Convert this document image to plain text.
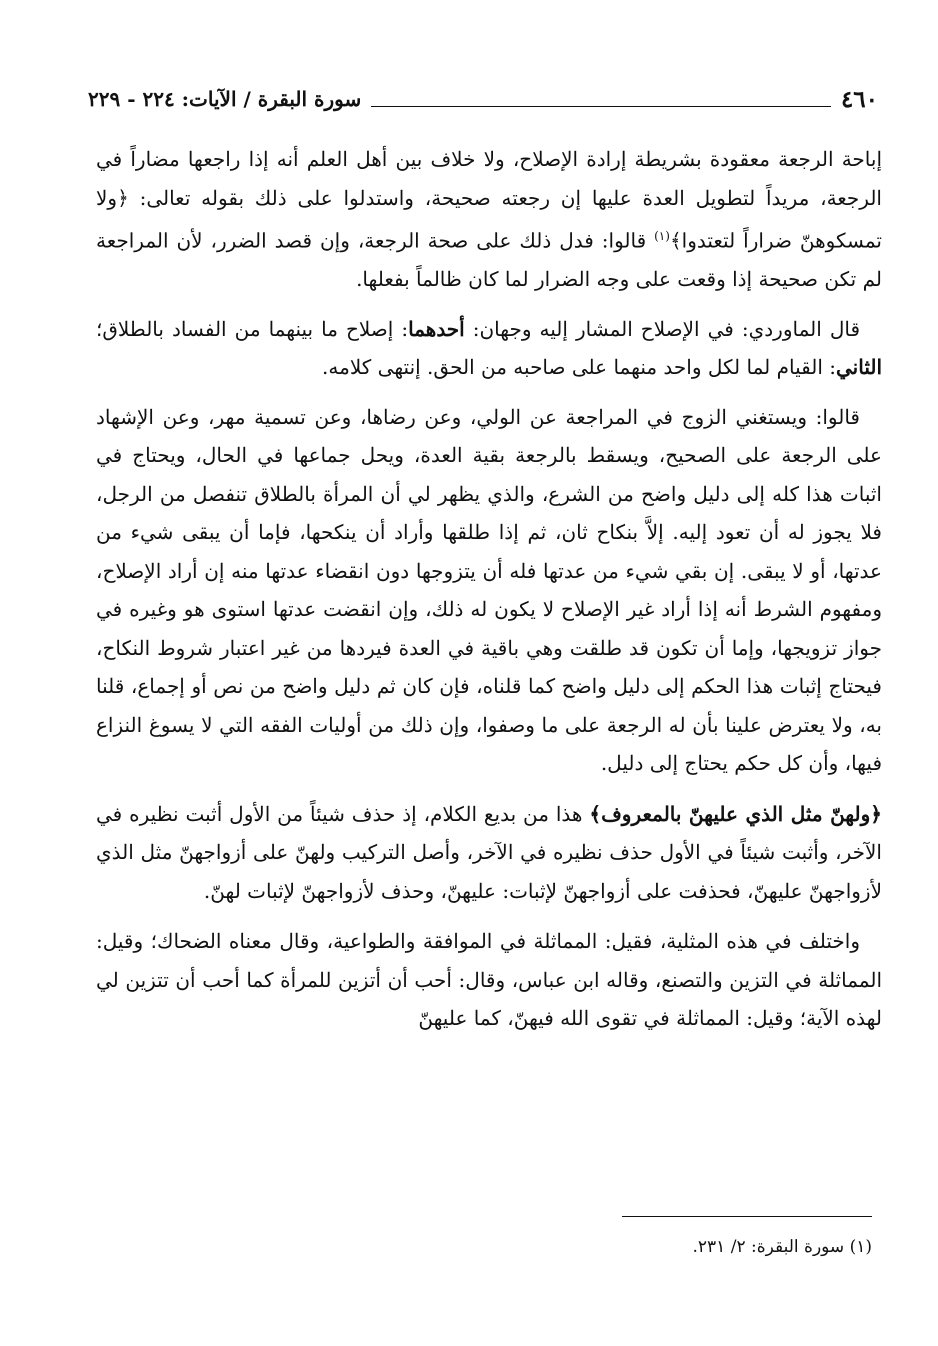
٤٦٠
سورة البقرة / الآيات: ٢٢٤ - ٢٢٩

إباحة الرجعة معقودة بشريطة إرادة الإصلاح، ولا خلاف بين أهل العلم أنه إذا راجعها مضاراً في الرجعة، مريداً لتطويل العدة عليها إن رجعته صحيحة، واستدلوا على ذلك بقوله تعالى: ﴿ولا تمسكوهنّ ضراراً لتعتدوا﴾$^{(١)}$ قالوا: فدل ذلك على صحة الرجعة، وإن قصد الضرر، لأن المراجعة لم تكن صحيحة إذا وقعت على وجه الضرار لما كان ظالماً بفعلها.

قال الماوردي: في الإصلاح المشار إليه وجهان: أحدهما: إصلاح ما بينهما من الفساد بالطلاق؛ الثاني: القيام لما لكل واحد منهما على صاحبه من الحق. إنتهى كلامه.

قالوا: ويستغني الزوج في المراجعة عن الولي، وعن رضاها، وعن تسمية مهر، وعن الإشهاد على الرجعة على الصحيح، ويسقط بالرجعة بقية العدة، ويحل جماعها في الحال، ويحتاج في اثبات هذا كله إلى دليل واضح من الشرع، والذي يظهر لي أن المرأة بالطلاق تنفصل من الرجل، فلا يجوز له أن تعود إليه. إلاَّ بنكاح ثان، ثم إذا طلقها وأراد أن ينكحها، فإما أن يبقى شيء من عدتها، أو لا يبقى. إن بقي شيء من عدتها فله أن يتزوجها دون انقضاء عدتها منه إن أراد الإصلاح، ومفهوم الشرط أنه إذا أراد غير الإصلاح لا يكون له ذلك، وإن انقضت عدتها استوى هو وغيره في جواز تزويجها، وإما أن تكون قد طلقت وهي باقية في العدة فيردها من غير اعتبار شروط النكاح، فيحتاج إثبات هذا الحكم إلى دليل واضح كما قلناه، فإن كان ثم دليل واضح من نص أو إجماع، قلنا به، ولا يعترض علينا بأن له الرجعة على ما وصفوا، وإن ذلك من أوليات الفقه التي لا يسوغ النزاع فيها، وأن كل حكم يحتاج إلى دليل.

﴿ولهنّ مثل الذي عليهنّ بالمعروف﴾ هذا من بديع الكلام، إذ حذف شيئاً من الأول أثبت نظيره في الآخر، وأثبت شيئاً في الأول حذف نظيره في الآخر، وأصل التركيب ولهنّ على أزواجهنّ مثل الذي لأزواجهنّ عليهنّ، فحذفت على أزواجهنّ لإثبات: عليهنّ، وحذف لأزواجهنّ لإثبات لهنّ.

واختلف في هذه المثلية، فقيل: المماثلة في الموافقة والطواعية، وقال معناه الضحاك؛ وقيل: المماثلة في التزين والتصنع، وقاله ابن عباس، وقال: أحب أن أتزين للمرأة كما أحب أن تتزين لي لهذه الآية؛ وقيل: المماثلة في تقوى الله فيهنّ، كما عليهنّ

(١) سورة البقرة: ٢/ ٢٣١.
